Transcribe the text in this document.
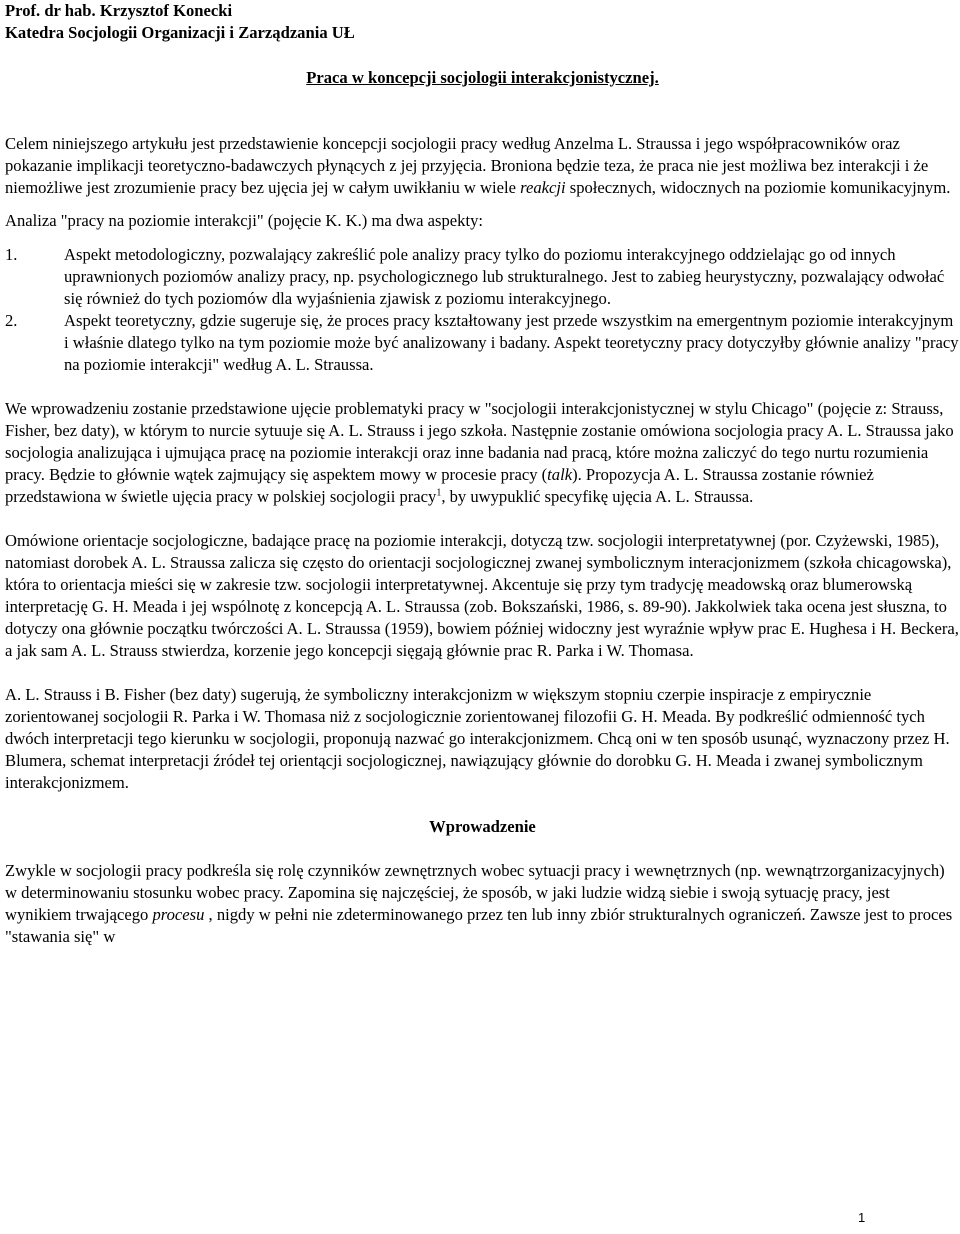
Prof. dr hab. Krzysztof Konecki

Katedra Socjologii Organizacji i Zarządzania UŁ

Praca w koncepcji socjologii interakcjonistycznej.

Celem niniejszego artykułu jest przedstawienie koncepcji socjologii pracy według Anzelma L. Straussa i jego współpracowników oraz pokazanie implikacji teoretyczno-badawczych płynących z jej przyjęcia. Broniona będzie teza, że praca nie jest możliwa bez interakcji i że niemożliwe jest zrozumienie pracy bez ujęcia jej w całym uwikłaniu w wiele reakcji społecznych, widocznych na poziomie komunikacyjnym.

Analiza "pracy na poziomie interakcji" (pojęcie K. K.) ma dwa aspekty:

1.	Aspekt metodologiczny, pozwalający zakreślić pole analizy pracy tylko do poziomu interakcyjnego oddzielając go od innych uprawnionych poziomów analizy pracy, np. psychologicznego lub strukturalnego. Jest to zabieg heurystyczny, pozwalający odwołać się również do tych poziomów dla wyjaśnienia zjawisk z poziomu interakcyjnego.
2.	Aspekt teoretyczny, gdzie sugeruje się, że proces pracy kształtowany jest przede wszystkim na emergentnym poziomie interakcyjnym i właśnie dlatego tylko na tym poziomie może być analizowany i badany. Aspekt teoretyczny pracy dotyczyłby głównie analizy "pracy na poziomie interakcji" według A. L. Straussa.

We wprowadzeniu zostanie przedstawione ujęcie problematyki pracy w "socjologii interakcjonistycznej w stylu Chicago" (pojęcie z: Strauss, Fisher, bez daty), w którym to nurcie sytuuje się A. L. Strauss i jego szkoła. Następnie zostanie omówiona socjologia pracy A. L. Straussa jako socjologia analizująca i ujmująca pracę na poziomie interakcji oraz inne badania nad pracą, które można zaliczyć do tego nurtu rozumienia pracy. Będzie to głównie wątek zajmujący się aspektem mowy w procesie pracy (talk). Propozycja A. L. Straussa zostanie również przedstawiona w świetle ujęcia pracy w polskiej socjologii pracy$^1$, by uwypuklić specyfikę ujęcia A. L. Straussa.

Omówione orientacje socjologiczne, badające pracę na poziomie interakcji, dotyczą tzw. socjologii interpretatywnej (por. Czyżewski, 1985), natomiast dorobek A. L. Straussa zalicza się często do orientacji socjologicznej zwanej symbolicznym interacjonizmem (szkoła chicagowska), która to orientacja mieści się w zakresie tzw. socjologii interpretatywnej. Akcentuje się przy tym tradycję meadowską oraz blumerowską interpretację G. H. Meada i jej wspólnotę z koncepcją A. L. Straussa (zob. Bokszański, 1986, s. 89-90). Jakkolwiek taka ocena jest słuszna, to dotyczy ona głównie początku twórczości A. L. Straussa (1959), bowiem później widoczny jest wyraźnie wpływ prac E. Hughesa i H. Beckera, a jak sam A. L. Strauss stwierdza, korzenie jego koncepcji sięgają głównie prac R. Parka i W. Thomasa.

A. L. Strauss i B. Fisher (bez daty) sugerują, że symboliczny interakcjonizm w większym stopniu czerpie inspiracje z empirycznie zorientowanej socjologii R. Parka i W. Thomasa niż z socjologicznie zorientowanej filozofii G. H. Meada. By podkreślić odmienność tych dwóch interpretacji tego kierunku w socjologii, proponują nazwać go interakcjonizmem. Chcą oni w ten sposób usunąć, wyznaczony przez H. Blumera, schemat interpretacji źródeł tej orientącji socjologicznej, nawiązujący głównie do dorobku G. H. Meada i zwanej symbolicznym interakcjonizmem.

Wprowadzenie

Zwykle w socjologii pracy podkreśla się rolę czynników zewnętrznych wobec sytuacji pracy i wewnętrznych (np. wewnątrzorganizacyjnych) w determinowaniu stosunku wobec pracy. Zapomina się najczęściej, że sposób, w jaki ludzie widzą siebie i swoją sytuację pracy, jest wynikiem trwającego procesu , nigdy w pełni nie zdeterminowanego przez ten lub inny zbiór strukturalnych ograniczeń. Zawsze jest to proces "stawania się" w

1
